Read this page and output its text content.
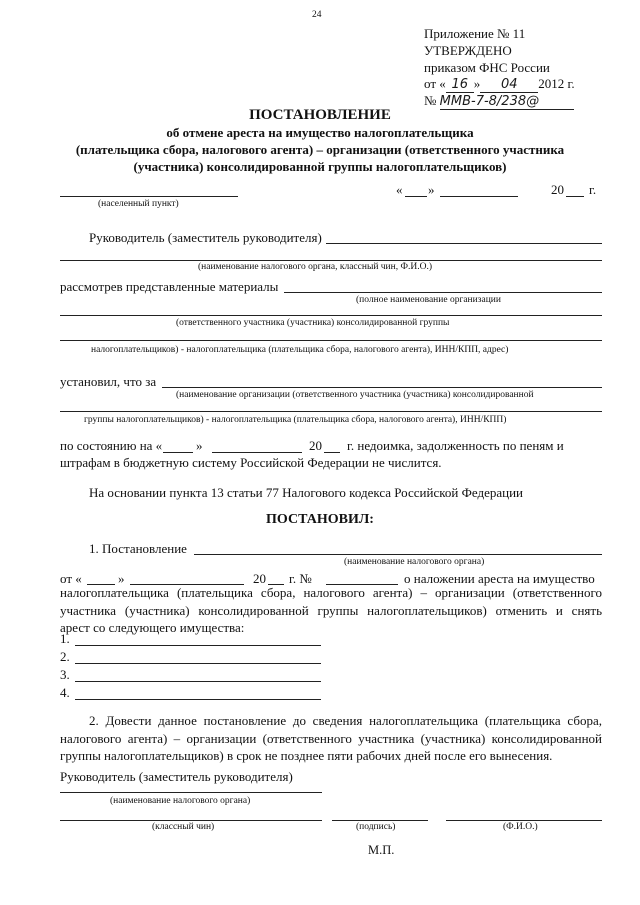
24
Приложение № 11
УТВЕРЖДЕНО
приказом ФНС России
от « 16 » 04 2012 г.
№ ММВ-7-8/238@
ПОСТАНОВЛЕНИЕ
об отмене ареста на имущество налогоплательщика
(плательщика сбора, налогового агента) – организации (ответственного участника
(участника) консолидированной группы налогоплательщиков)
(населенный пункт)
« »	20 г.
Руководитель (заместитель руководителя)
(наименование налогового органа, классный чин, Ф.И.О.)
рассмотрев представленные материалы
(полное наименование организации
(ответственного участника (участника) консолидированной группы
налогоплательщиков) - налогоплательщика (плательщика сбора, налогового агента), ИНН/КПП, адрес)
установил, что за
(наименование организации (ответственного участника (участника) консолидированной
группы налогоплательщиков) - налогоплательщика (плательщика сбора, налогового агента), ИНН/КПП)
по состоянию на «	»	20 г. недоимка, задолженность по пеням и
штрафам в бюджетную систему Российской Федерации не числится.
На основании пункта 13 статьи 77 Налогового кодекса Российской Федерации
ПОСТАНОВИЛ:
1. Постановление
(наименование налогового органа)
от «	»	20 г. №	о наложении ареста на имущество
налогоплательщика (плательщика сбора, налогового агента) – организации (ответственного участника (участника) консолидированной группы налогоплательщиков) отменить и снять
арест со следующего имущества:
1.
2.
3.
4.
2. Довести данное постановление до сведения налогоплательщика (плательщика сбора, налогового агента) – организации (ответственного участника (участника) консолидированной
группы налогоплательщиков) в срок не позднее пяти рабочих дней после его вынесения.
Руководитель (заместитель руководителя)
(наименование налогового органа)
(классный чин)	(подпись)	(Ф.И.О.)
М.П.
